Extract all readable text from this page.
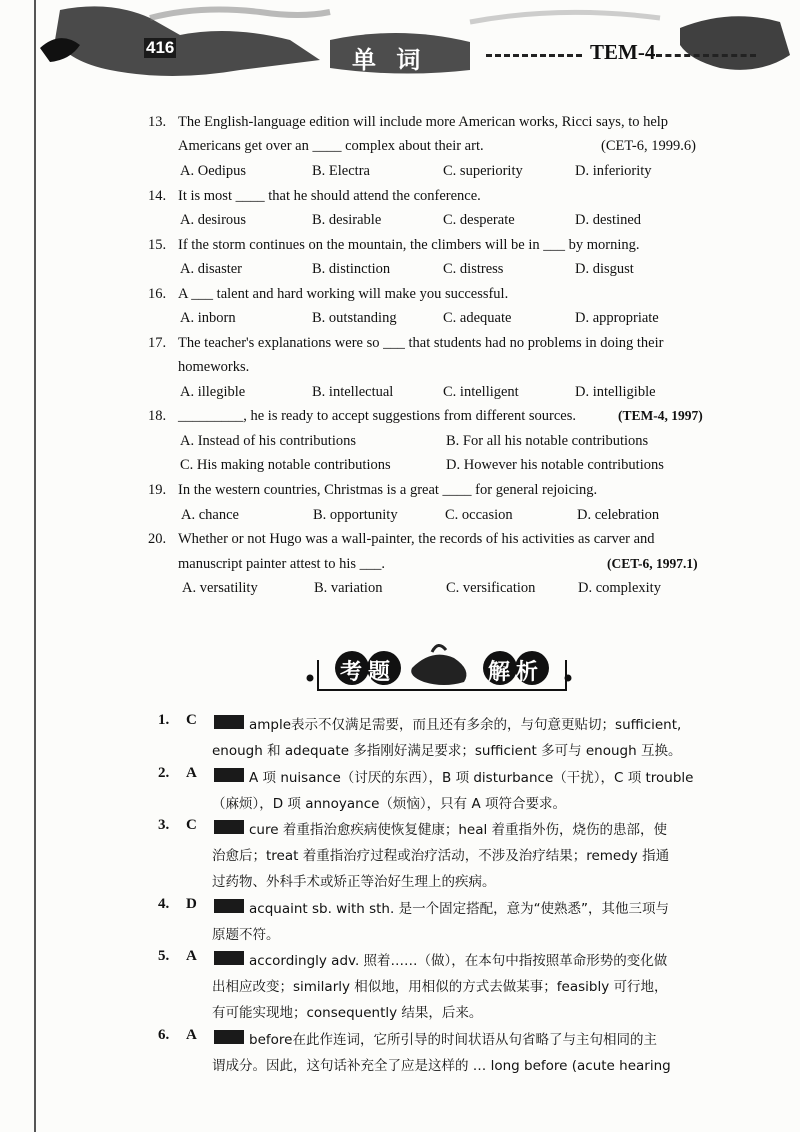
416	单 词	TEM-4
13. The English-language edition will include more American works, Ricci says, to help
Americans get over an ____ complex about their art.	(CET-6, 1999.6)
A. Oedipus	B. Electra	C. superiority	D. inferiority
14. It is most ____ that he should attend the conference.
A. desirous	B. desirable	C. desperate	D. destined
15. If the storm continues on the mountain, the climbers will be in ___ by morning.
A. disaster	B. distinction	C. distress	D. disgust
16. A ___ talent and hard working will make you successful.
A. inborn	B. outstanding	C. adequate	D. appropriate
17. The teacher's explanations were so ___ that students had no problems in doing their
homeworks.
A. illegible	B. intellectual	C. intelligent	D. intelligible
18. _________, he is ready to accept suggestions from different sources.	(TEM-4, 1997)
A. Instead of his contributions	B. For all his notable contributions
C. His making notable contributions	D. However his notable contributions
19. In the western countries, Christmas is a great ____ for general rejoicing.
A. chance	B. opportunity	C. occasion	D. celebration
20. Whether or not Hugo was a wall-painter, the records of his activities as carver and
manuscript painter attest to his ___.	(CET-6, 1997.1)
A. versatility	B. variation	C. versification	D. complexity
考题	解析
1. C	ample表示不仅满足需要，而且还有多余的，与句意更贴切；sufficient,
enough 和 adequate 多指刚好满足要求；sufficient 多可与 enough 互换。
2. A	A 项 nuisance（讨厌的东西），B 项 disturbance（干扰），C 项 trouble
（麻烦），D 项 annoyance（烦恼），只有 A 项符合要求。
3. C	cure 着重指治愈疾病使恢复健康；heal 着重指外伤，烧伤的患部，使
治愈后；treat 着重指治疗过程或治疗活动，不涉及治疗结果；remedy 指通
过药物、外科手术或矫正等治好生理上的疾病。
4. D	acquaint sb. with sth. 是一个固定搭配，意为“使熟悉”，其他三项与
原题不符。
5. A	accordingly adv. 照着……（做），在本句中指按照革命形势的变化做
出相应改变；similarly 相似地，用相似的方式去做某事；feasibly 可行地，
有可能实现地；consequently 结果，后来。
6. A	before在此作连词，它所引导的时间状语从句省略了与主句相同的主
谓成分。因此，这句话补充全了应是这样的 … long before (acute hearing
